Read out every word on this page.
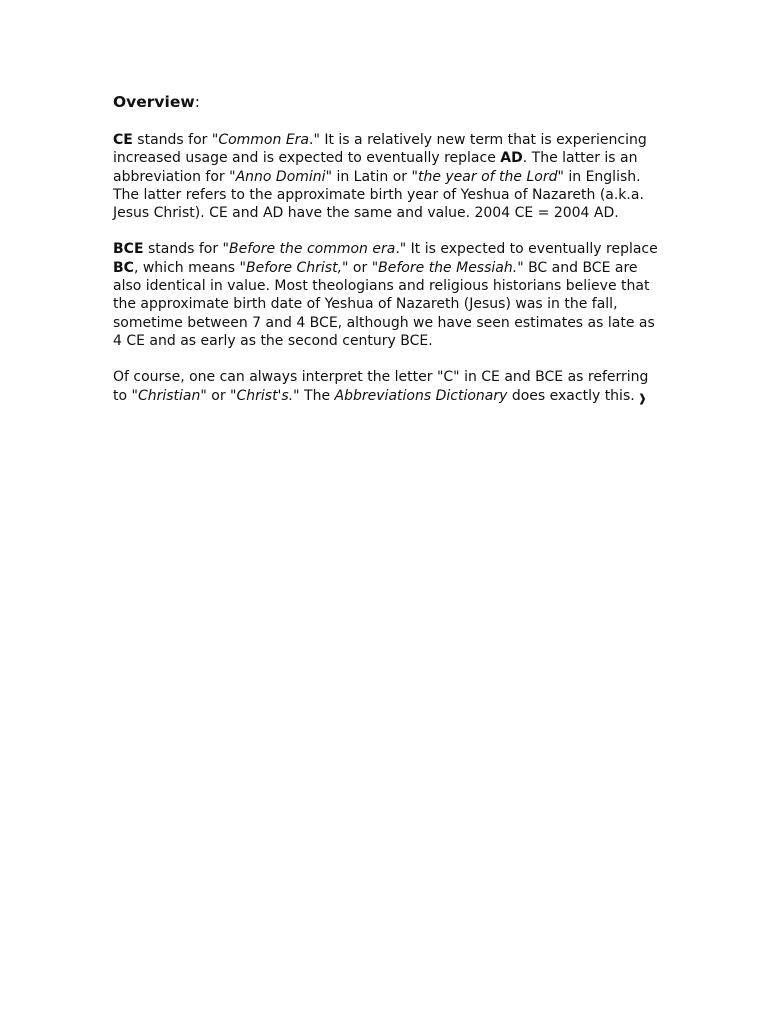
Overview:

CE stands for "Common Era." It is a relatively new term that is experiencing increased usage and is expected to eventually replace AD. The latter is an abbreviation for "Anno Domini" in Latin or "the year of the Lord" in English. The latter refers to the approximate birth year of Yeshua of Nazareth (a.k.a. Jesus Christ). CE and AD have the same and value. 2004 CE = 2004 AD.

BCE stands for "Before the common era." It is expected to eventually replace BC, which means "Before Christ," or "Before the Messiah." BC and BCE are also identical in value. Most theologians and religious historians believe that the approximate birth date of Yeshua of Nazareth (Jesus) was in the fall, sometime between 7 and 4 BCE, although we have seen estimates as late as 4 CE and as early as the second century BCE.

Of course, one can always interpret the letter "C" in CE and BCE as referring to "Christian" or "Christ's." The Abbreviations Dictionary does exactly this. ❱
